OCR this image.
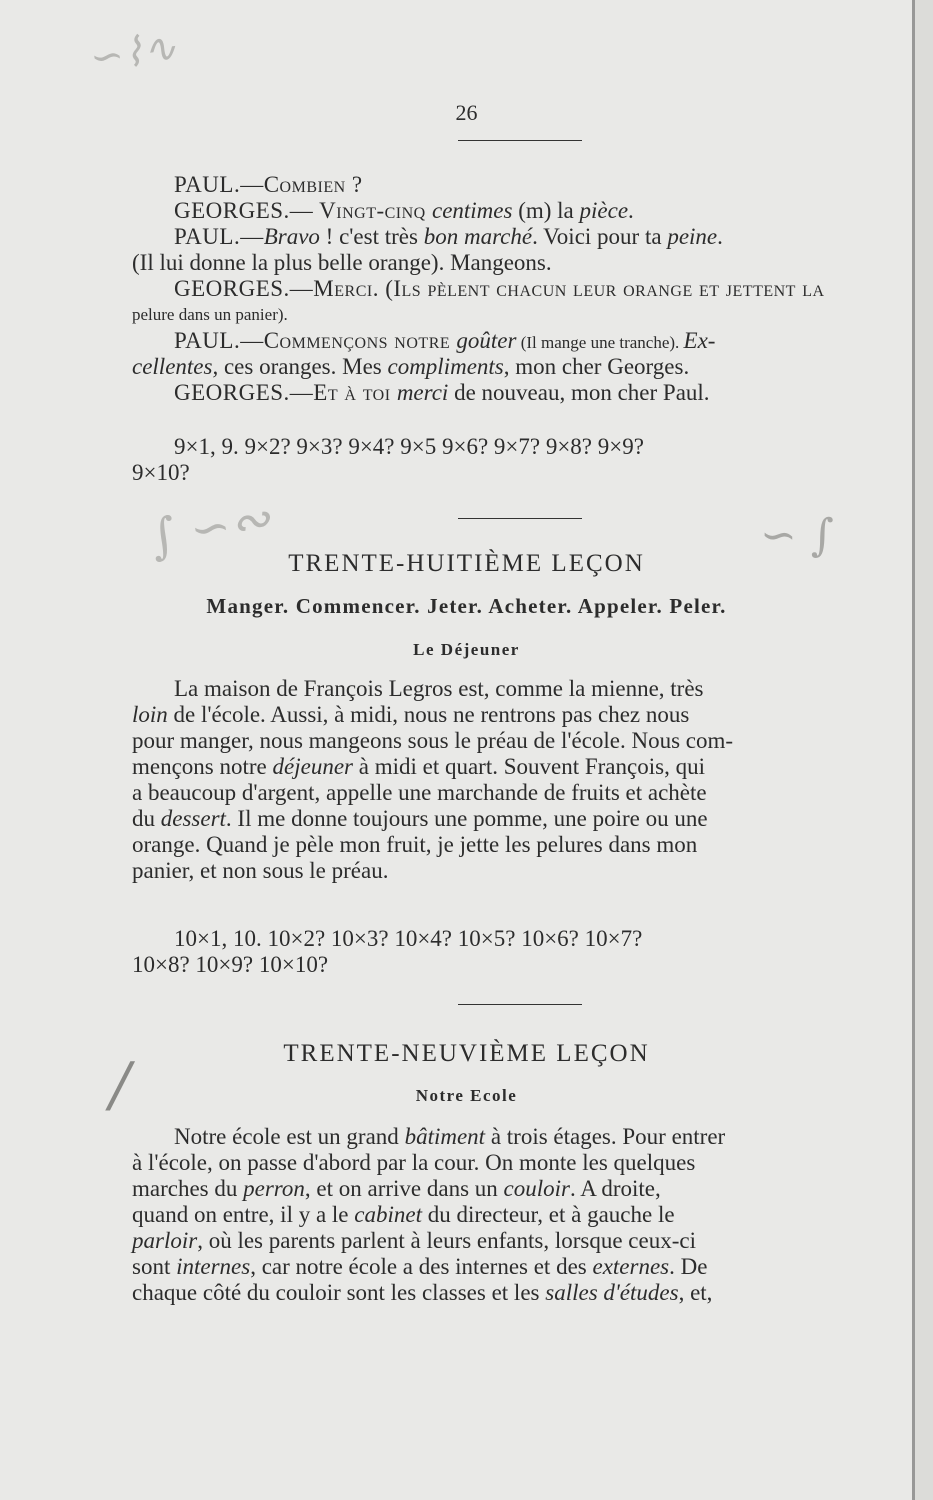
∽⌇∿
∫ ∽∾	∽ ∫
/
26
PAUL.—Combien ?
GEORGES.— Vingt-cinq centimes (m) la pièce.
PAUL.—Bravo ! c'est très bon marché. Voici pour ta peine.
(Il lui donne la plus belle orange). Mangeons.
GEORGES.—Merci. (Ils pèlent chacun leur orange et jettent la
pelure dans un panier).
PAUL.—Commençons notre goûter (Il mange une tranche). Ex-
cellentes, ces oranges. Mes compliments, mon cher Georges.
GEORGES.—Et à toi merci de nouveau, mon cher Paul.
9×1, 9. 9×2? 9×3? 9×4? 9×5 9×6? 9×7? 9×8? 9×9?
9×10?
TRENTE-HUITIÈME LEÇON
Manger. Commencer. Jeter. Acheter. Appeler. Peler.
Le Déjeuner
La maison de François Legros est, comme la mienne, très
loin de l'école. Aussi, à midi, nous ne rentrons pas chez nous
pour manger, nous mangeons sous le préau de l'école. Nous com-
mençons notre déjeuner à midi et quart. Souvent François, qui
a beaucoup d'argent, appelle une marchande de fruits et achète
du dessert. Il me donne toujours une pomme, une poire ou une
orange. Quand je pèle mon fruit, je jette les pelures dans mon
panier, et non sous le préau.
10×1, 10. 10×2? 10×3? 10×4? 10×5? 10×6? 10×7?
10×8? 10×9? 10×10?
TRENTE-NEUVIÈME LEÇON
Notre Ecole
Notre école est un grand bâtiment à trois étages. Pour entrer
à l'école, on passe d'abord par la cour. On monte les quelques
marches du perron, et on arrive dans un couloir. A droite,
quand on entre, il y a le cabinet du directeur, et à gauche le
parloir, où les parents parlent à leurs enfants, lorsque ceux-ci
sont internes, car notre école a des internes et des externes. De
chaque côté du couloir sont les classes et les salles d'études, et,
